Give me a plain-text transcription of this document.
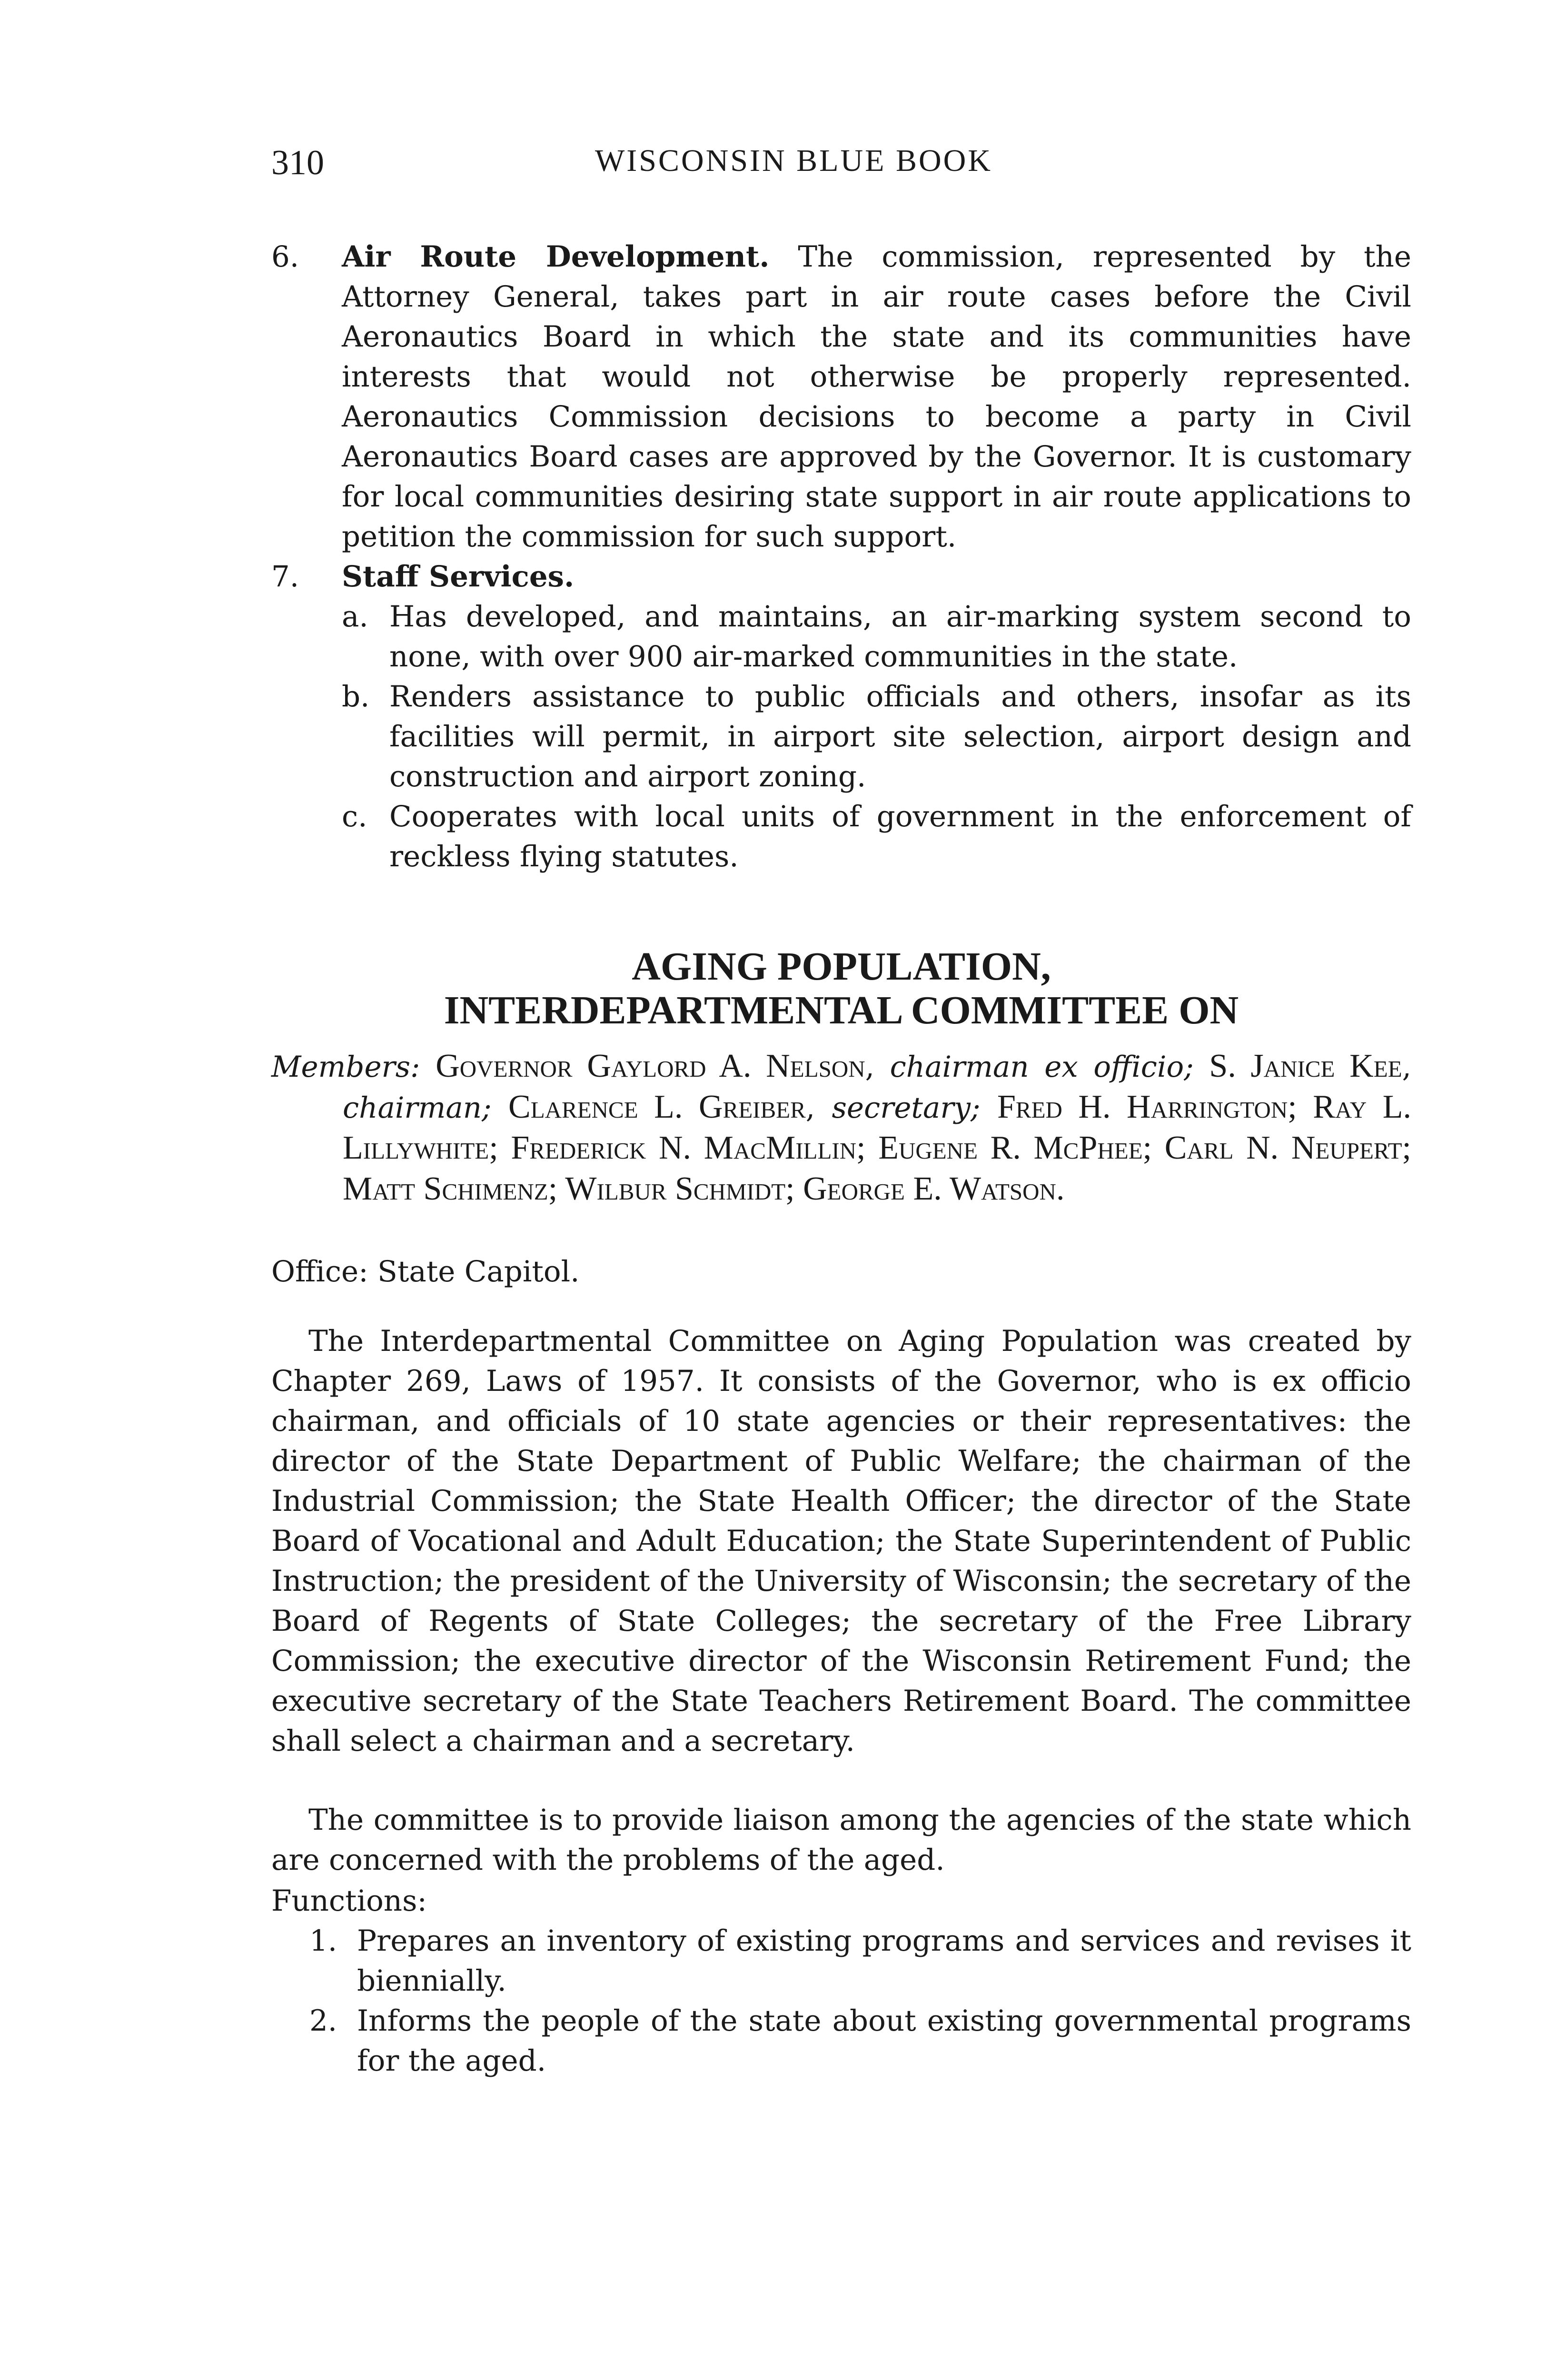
310	WISCONSIN BLUE BOOK
6.	Air Route Development. The commission, represented by the Attorney General, takes part in air route cases before the Civil Aeronautics Board in which the state and its communities have interests that would not otherwise be properly represented. Aeronautics Commission decisions to become a party in Civil Aeronautics Board cases are approved by the Governor. It is customary for local communities desiring state support in air route applications to petition the commission for such support.
7.	Staff Services.
a. Has developed, and maintains, an air-marking system second to none, with over 900 air-marked communities in the state.
b. Renders assistance to public officials and others, insofar as its facilities will permit, in airport site selection, airport design and construction and airport zoning.
c. Cooperates with local units of government in the enforcement of reckless flying statutes.
AGING POPULATION,
INTERDEPARTMENTAL COMMITTEE ON
Members: Governor Gaylord A. Nelson, chairman ex officio; S. Janice Kee, chairman; Clarence L. Greiber, secretary; Fred H. Harrington; Ray L. Lillywhite; Frederick N. MacMillin; Eugene R. McPhee; Carl N. Neupert; Matt Schimenz; Wilbur Schmidt; George E. Watson.
Office: State Capitol.
The Interdepartmental Committee on Aging Population was created by Chapter 269, Laws of 1957. It consists of the Governor, who is ex officio chairman, and officials of 10 state agencies or their representatives: the director of the State Department of Public Welfare; the chairman of the Industrial Commission; the State Health Officer; the director of the State Board of Vocational and Adult Education; the State Superintendent of Public Instruction; the president of the University of Wisconsin; the secretary of the Board of Regents of State Colleges; the secretary of the Free Library Commission; the executive director of the Wisconsin Retirement Fund; the executive secretary of the State Teachers Retirement Board. The committee shall select a chairman and a secretary.
The committee is to provide liaison among the agencies of the state which are concerned with the problems of the aged.
Functions:
1. Prepares an inventory of existing programs and services and revises it biennially.
2. Informs the people of the state about existing governmental programs for the aged.
